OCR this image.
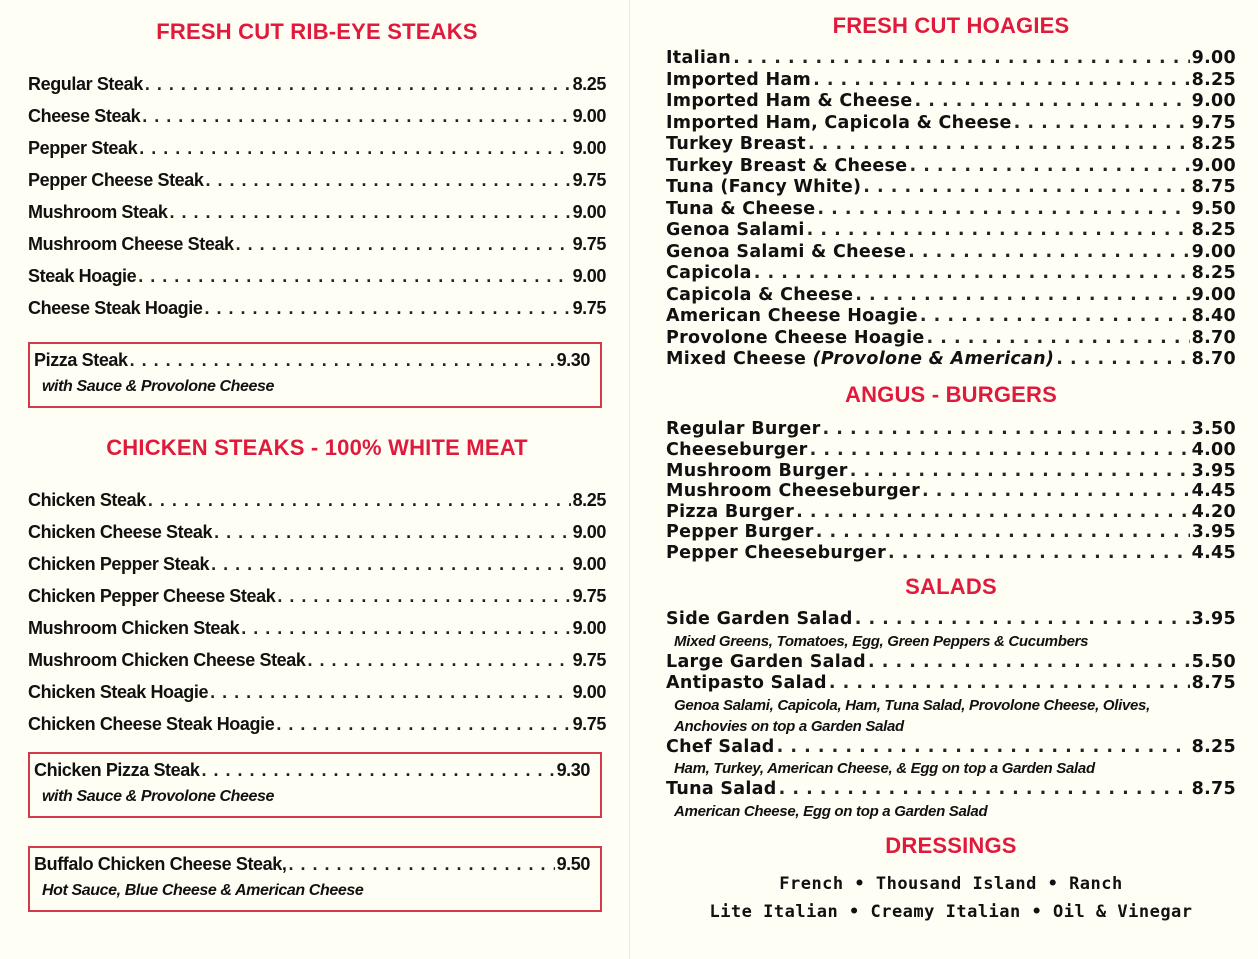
FRESH CUT RIB-EYE STEAKS
Regular Steak . . .	8.25
Cheese Steak . . .	9.00
Pepper Steak . . .	9.00
Pepper Cheese Steak . . .	9.75
Mushroom Steak . . .	9.00
Mushroom Cheese Steak . . .	9.75
Steak Hoagie . . .	9.00
Cheese Steak Hoagie . . .	9.75
Pizza Steak . . .	9.30
with Sauce & Provolone Cheese
CHICKEN STEAKS - 100% WHITE MEAT
Chicken Steak . . .	8.25
Chicken Cheese Steak . . .	9.00
Chicken Pepper Steak . . .	9.00
Chicken Pepper Cheese Steak . . .	9.75
Mushroom Chicken Steak . . .	9.00
Mushroom Chicken Cheese Steak . . .	9.75
Chicken Steak Hoagie . . .	9.00
Chicken Cheese Steak Hoagie . . .	9.75
Chicken Pizza Steak . . .	9.30
with Sauce & Provolone Cheese
Buffalo Chicken Cheese Steak, . . .	9.50
Hot Sauce, Blue Cheese & American Cheese
FRESH CUT HOAGIES
Italian . . .	9.00
Imported Ham . . .	8.25
Imported Ham & Cheese . . .	9.00
Imported Ham, Capicola & Cheese . . .	9.75
Turkey Breast . . .	8.25
Turkey Breast & Cheese . . .	9.00
Tuna (Fancy White) . . .	8.75
Tuna & Cheese . . .	9.50
Genoa Salami . . .	8.25
Genoa Salami & Cheese . . .	9.00
Capicola . . .	8.25
Capicola & Cheese . . .	9.00
American Cheese Hoagie . . .	8.40
Provolone Cheese Hoagie . . .	8.70
Mixed Cheese
(Provolone & American) . . .	8.70
ANGUS - BURGERS
Regular Burger . . .	3.50
Cheeseburger . . .	4.00
Mushroom Burger . . .	3.95
Mushroom Cheeseburger . . .	4.45
Pizza Burger . . .	4.20
Pepper Burger . . .	3.95
Pepper Cheeseburger . . .	4.45
SALADS
Side Garden Salad . . .	3.95
Mixed Greens, Tomatoes, Egg, Green Peppers & Cucumbers
Large Garden Salad . . .	5.50
Antipasto Salad . . .	8.75
Genoa Salami, Capicola, Ham, Tuna Salad, Provolone Cheese, Olives,
Anchovies on top a Garden Salad
Chef Salad . . .	8.25
Ham, Turkey, American Cheese, & Egg on top a Garden Salad
Tuna Salad . . .	8.75
American Cheese, Egg on top a Garden Salad
DRESSINGS
French • Thousand Island • Ranch
Lite Italian • Creamy Italian • Oil & Vinegar
